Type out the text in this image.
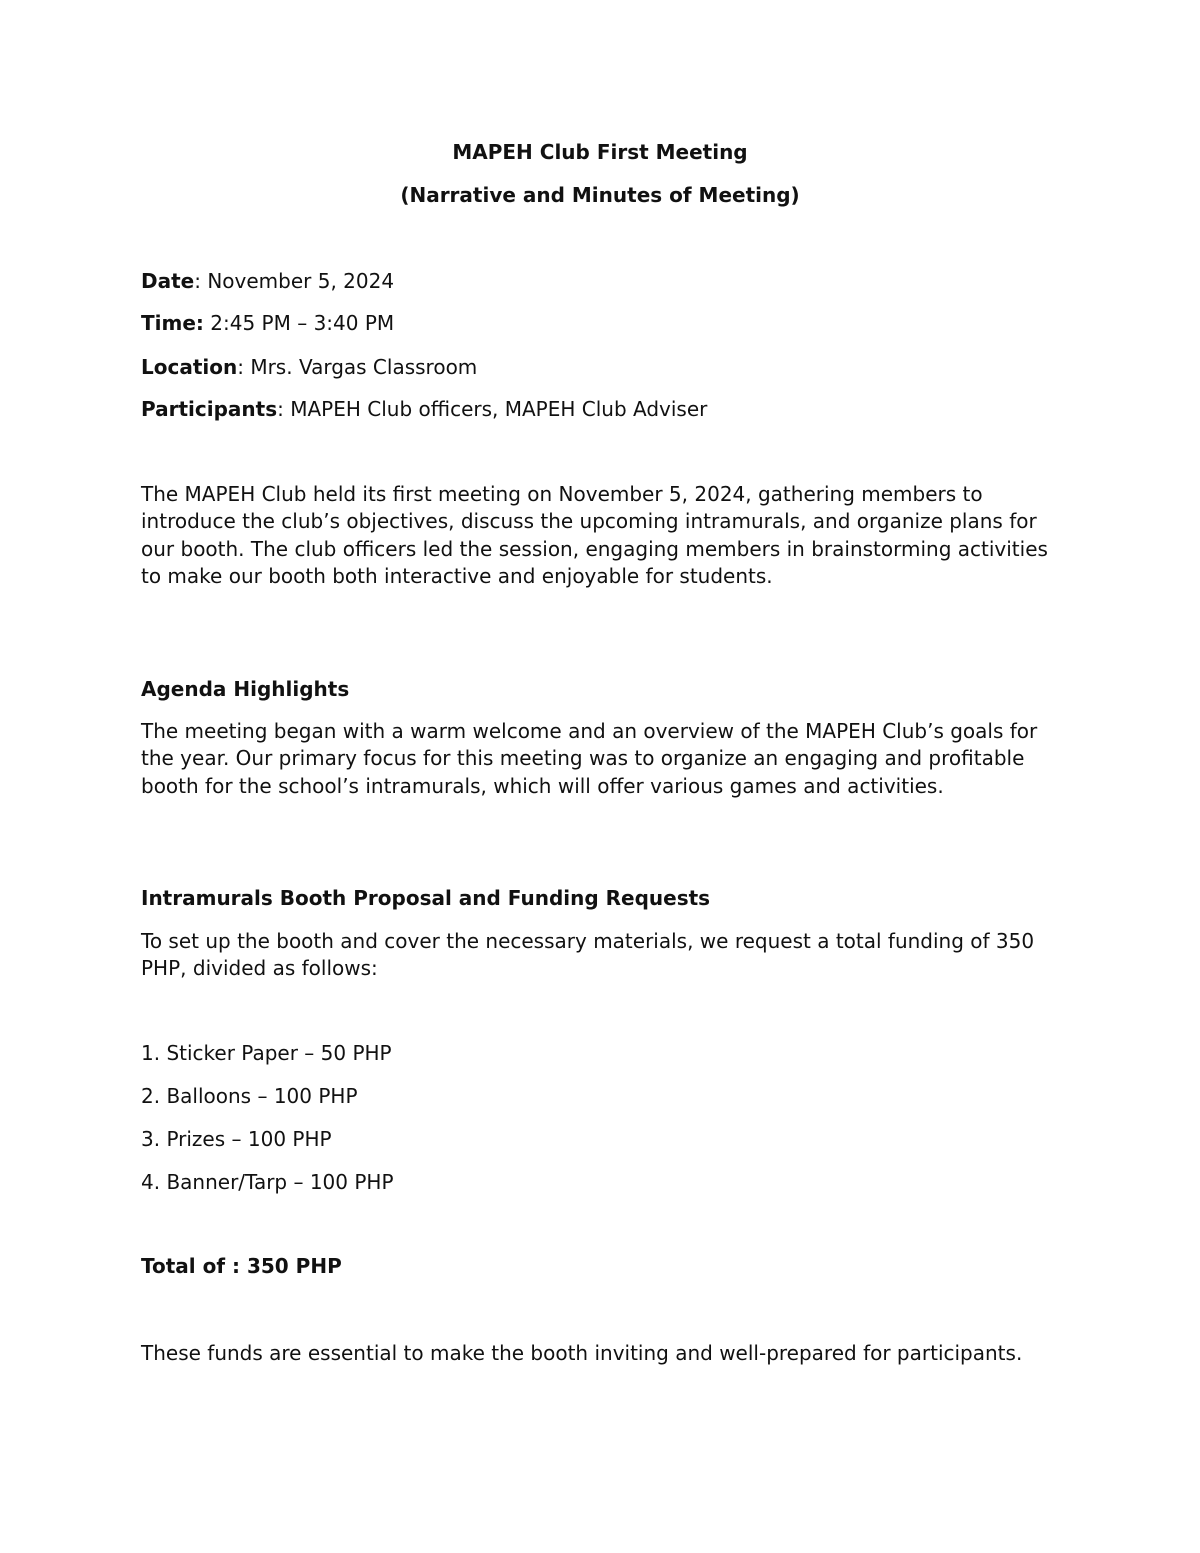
MAPEH Club First Meeting

(Narrative and Minutes of Meeting)

Date: November 5, 2024

Time: 2:45 PM – 3:40 PM

Location: Mrs. Vargas Classroom

Participants: MAPEH Club officers, MAPEH Club Adviser

The MAPEH Club held its first meeting on November 5, 2024, gathering members to introduce the club’s objectives, discuss the upcoming intramurals, and organize plans for our booth. The club officers led the session, engaging members in brainstorming activities to make our booth both interactive and enjoyable for students.

Agenda Highlights

The meeting began with a warm welcome and an overview of the MAPEH Club’s goals for the year. Our primary focus for this meeting was to organize an engaging and profitable booth for the school’s intramurals, which will offer various games and activities.

Intramurals Booth Proposal and Funding Requests

To set up the booth and cover the necessary materials, we request a total funding of 350 PHP, divided as follows:

1. Sticker Paper – 50 PHP
2. Balloons – 100 PHP
3. Prizes – 100 PHP
4. Banner/Tarp – 100 PHP

Total of : 350 PHP

These funds are essential to make the booth inviting and well-prepared for participants.
